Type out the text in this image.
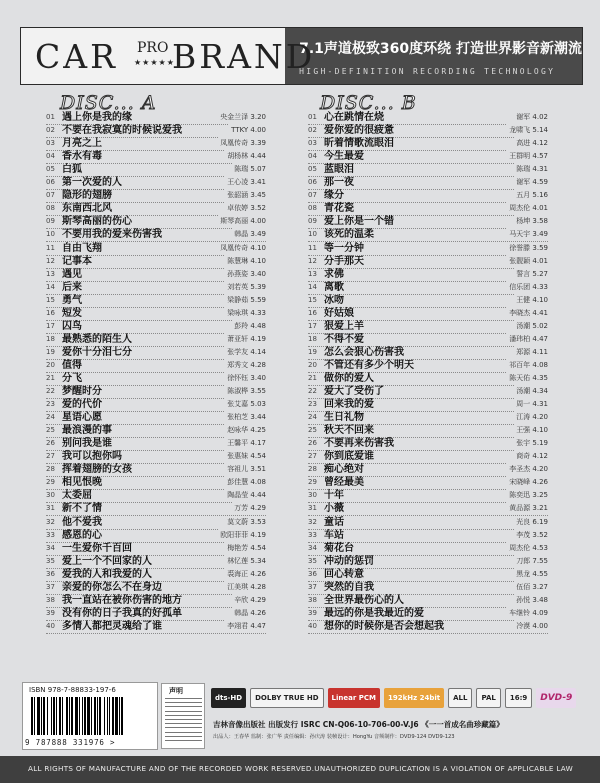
CAR PRO
★★★★★
BRAND
7.1声道极致360度环绕 打造世界影音新潮流
HIGH-DEFINITION RECORDING TECHNOLOGY
DISC... A	DISC... B
01 遇上你是我的缘	央金兰泽 3.20
02 不要在我寂寞的时候说爱我	TTKY 4.00
03 月亮之上	凤凰传奇 3.39
04 香水有毒	胡杨林 4.44
05 白狐	陈瑞 5.07
06 第一次爱的人	王心凌 3.41
07 隐形的翅膀	张韶涵 3.45
08 东南西北风	卓依婷 3.52
09 斯琴高丽的伤心	斯琴高丽 4.00
10 不要用我的爱来伤害我	韩晶 3.49
11 自由飞翔	凤凰传奇 4.10
12 记事本	陈慧琳 4.10
13 遇见	孙燕姿 3.40
14 后来	刘若英 5.39
15 勇气	梁静茹 5.59
16 短发	梁咏琪 4.33
17 囚鸟	彭羚 4.48
18 最熟悉的陌生人	萧亚轩 4.19
19 爱你十分泪七分	张学友 4.14
20 值得	郑秀文 4.28
21 分飞	徐怀钰 3.40
22 梦醒时分	陈淑桦 3.55
23 爱的代价	张艾嘉 5.03
24 星语心愿	张柏芝 3.44
25 最浪漫的事	赵咏华 4.25
26 别问我是谁	王馨平 4.17
27 我可以抱你吗	张惠妹 4.54
28 挥着翅膀的女孩	容祖儿 3.51
29 相见恨晚	彭佳慧 4.08
30 太委屈	陶晶莹 4.44
31 新不了情	万芳 4.29
32 他不爱我	莫文蔚 3.53
33 感恩的心	欧阳菲菲 4.19
34 一生爱你千百回	梅艳芳 4.54
35 爱上一个不回家的人	林忆莲 5.34
36 爱我的人和我爱的人	裘海正 4.26
37 亲爱的你怎么不在身边	江美琪 4.28
38 我一直站在被你伤害的地方	辛欣 4.29
39 没有你的日子我真的好孤单	韩晶 4.26
40 多情人都把灵魂给了谁	李翊君 4.47
01 心在跳情在烧	谢军 4.02
02 爱你爱的很疲惫	龙啸飞 5.14
03 昕着情歌流眼泪	高进 4.12
04 今生最爱	王群明 4.57
05 蓝眼泪	陈瑞 4.31
06 那一夜	谢军 4.59
07 缘分	五月 5.16
08 青花瓷	周杰伦 4.01
09 爱上你是一个错	杨坤 3.58
10 该死的温柔	马天宇 3.49
11 等一分钟	徐誉滕 3.59
12 分手那天	张靓颖 4.01
13 求佛	誓言 5.27
14 离歌	信乐团 4.33
15 冰吻	王健 4.10
16 好姑娘	李晓杰 4.41
17 狠爱上羊	汤潮 5.02
18 不得不爱	潘玮柏 4.47
19 怎么会狠心伤害我	郑源 4.11
20 不管还有多少个明天	祁百年 4.08
21 做你的爱人	陈天佑 4.35
22 爱大了受伤了	汤潮 4.34
23 回来我的爱	周一 4.31
24 生日礼物	江涛 4.20
25 秋天不回来	王强 4.10
26 不要再来伤害我	张宇 5.19
27 你到底爱谁	商奇 4.12
28 痴心绝对	李圣杰 4.20
29 曾经最美	宋晓峰 4.26
30 十年	陈奕迅 3.25
31 小薇	黄品源 3.21
32 童话	光良 6.19
33 车站	李茂 3.52
34 菊花台	周杰伦 4.53
35 冲动的惩罚	刀郎 7.55
36 回心转意	黑龙 4.55
37 突然的自我	伍佰 3.27
38 全世界最伤心的人	孙悦 3.48
39 最远的你是我最近的爱	车继铃 4.09
40 想你的时候你是否会想起我	冷漠 4.00
ISBN 978-7-88833-197-6
9 787888 331976 >
声明
dts-HD	DOLBY TRUE HD	Linear PCM	192kHz 24bit	ALL	PAL	16:9	DVD-9
吉林音像出版社 出版发行 ISRC CN-Q06-10-706-00-V.J6 《一一首成名曲珍藏篇》
出品人：王春华 监制：张广华 责任编辑：孙庆涛 装帧设计：HongYu 音频制作：DVD9-124 DVD9-123
ALL RIGHTS OF MANUFACTURE AND OF THE RECORDED WORK RESERVED.UNAUTHORIZED DUPLICATION IS A VIOLATION OF APPLICABLE LAW
